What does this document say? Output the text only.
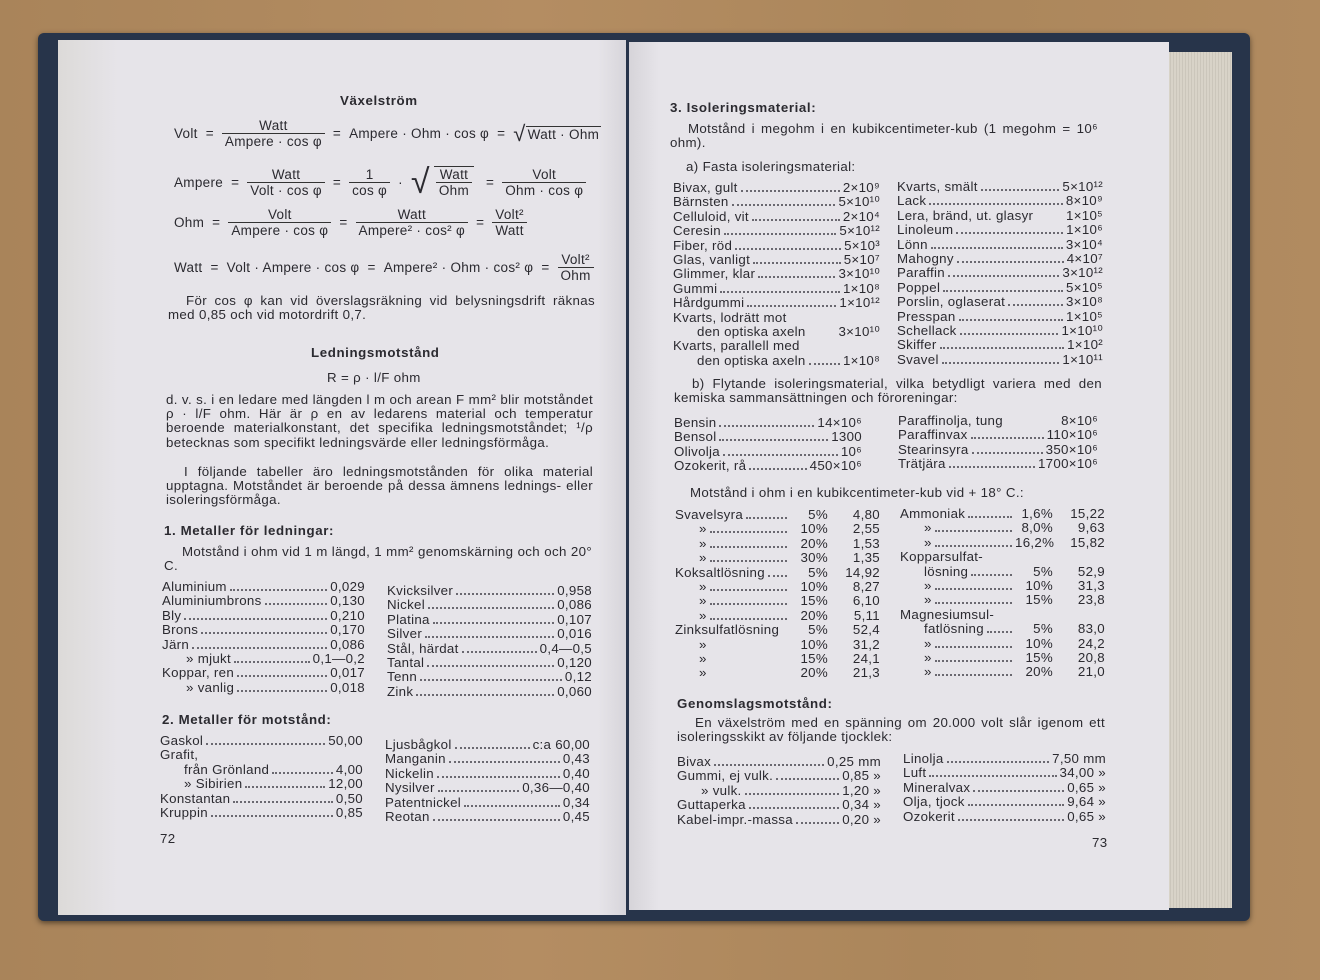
Växelström
Volt =
Watt
Ampere · cos φ
= Ampere · Ohm · cos φ = √ Watt · Ohm
Ampere =
Watt
Volt · cos φ
= $\frac{1}{\text{cos φ}}$ · √ Watt
Ohm
=
Volt
Ohm · cos φ
Ohm =
Volt
Ampere · cos φ
=
Watt
Ampere² · cos² φ
=
Volt²
Watt
Watt = Volt · Ampere · cos φ = Ampere² · Ohm · cos² φ =
Volt²
Ohm
För cos φ kan vid överslagsräkning vid belysningsdrift räknas med 0,85 och vid motordrift 0,7.
Ledningsmotstånd
R = ρ · l/F ohm
d. v. s. i en ledare med längden l m och arean F mm² blir motståndet ρ · l/F ohm. Här är ρ en av ledarens material och temperatur beroende materialkonstant, det specifika ledningsmotståndet; ¹/ρ betecknas som specifikt ledningsvärde eller ledningsförmåga.
I följande tabeller äro ledningsmotstånden för olika material upptagna. Motståndet är beroende på dessa ämnens lednings- eller isoleringsförmåga.
1. Metaller för ledningar:
Motstånd i ohm vid 1 m längd, 1 mm² genomskärning och och 20° C.
Aluminium	0,029
Aluminiumbrons	0,130
Bly	0,210
Brons	0,170
Järn	0,086
» mjukt	0,1—0,2
Koppar, ren	0,017
» vanlig	0,018
Kvicksilver	0,958
Nickel	0,086
Platina	0,107
Silver	0,016
Stål, härdat	0,4—0,5
Tantal	0,120
Tenn	0,12
Zink	0,060
2. Metaller för motstånd:
Gaskol	50,00
Grafit,
från Grönland	4,00
» Sibirien	12,00
Konstantan	0,50
Kruppin	0,85
Ljusbågkol	c:a 60,00
Manganin	0,43
Nickelin	0,40
Nysilver	0,36—0,40
Patentnickel	0,34
Reotan	0,45
72
3. Isoleringsmaterial:
Motstånd i megohm i en kubikcentimeter-kub (1 megohm = 10⁶ ohm).
a) Fasta isoleringsmaterial:
Bivax, gult	2×10⁹
Bärnsten	5×10¹⁰
Celluloid, vit	2×10⁴
Ceresin	5×10¹²
Fiber, röd	5×10³
Glas, vanligt	5×10⁷
Glimmer, klar	3×10¹⁰
Gummi	1×10⁸
Hårdgummi	1×10¹²
Kvarts, lodrätt mot
den optiska axeln 3×10¹⁰
Kvarts, parallell med
den optiska axeln	1×10⁸
Kvarts, smält	5×10¹²
Lack	8×10⁹
Lera, bränd, ut. glasyr 1×10⁵
Linoleum	1×10⁶
Lönn	3×10⁴
Mahogny	4×10⁷
Paraffin	3×10¹²
Poppel	5×10⁵
Porslin, oglaserat	3×10⁸
Presspan	1×10⁵
Schellack	1×10¹⁰
Skiffer	1×10²
Svavel	1×10¹¹
b) Flytande isoleringsmaterial, vilka betydligt variera med den kemiska sammansättningen och föroreningar:
Bensin	14×10⁶
Bensol	1300
Olivolja	10⁶
Ozokerit, rå	450×10⁶
Paraffinolja, tung	8×10⁶
Paraffinvax	110×10⁶
Stearinsyra	350×10⁶
Trätjära	1700×10⁶
Motstånd i ohm i en kubikcentimeter-kub vid + 18° C.:
Svavelsyra	5%	4,80
»	10%	2,55
»	20%	1,53
»	30%	1,35
Koksaltlösning	5%	14,92
»	10%	8,27
»	15%	6,10
»	20%	5,11
Zinksulfatlösning	5%	52,4
»	10%	31,2
»	15%	24,1
»	20%	21,3
Ammoniak	1,6%	15,22
»	8,0%	9,63
»	16,2%	15,82
Kopparsulfat-
lösning	5%	52,9
»	10%	31,3
»	15%	23,8
Magnesiumsul-
fatlösning	5%	83,0
»	10%	24,2
»	15%	20,8
»	20%	21,0
Genomslagsmotstånd:
En växelström med en spänning om 20.000 volt slår igenom ett isoleringsskikt av följande tjocklek:
Bivax	0,25 mm
Gummi, ej vulk.	0,85 »
» vulk.	1,20 »
Guttaperka	0,34 »
Kabel-impr.-massa	0,20 »
Linolja	7,50 mm
Luft	34,00 »
Mineralvax	0,65 »
Olja, tjock	9,64 »
Ozokerit	0,65 »
73
